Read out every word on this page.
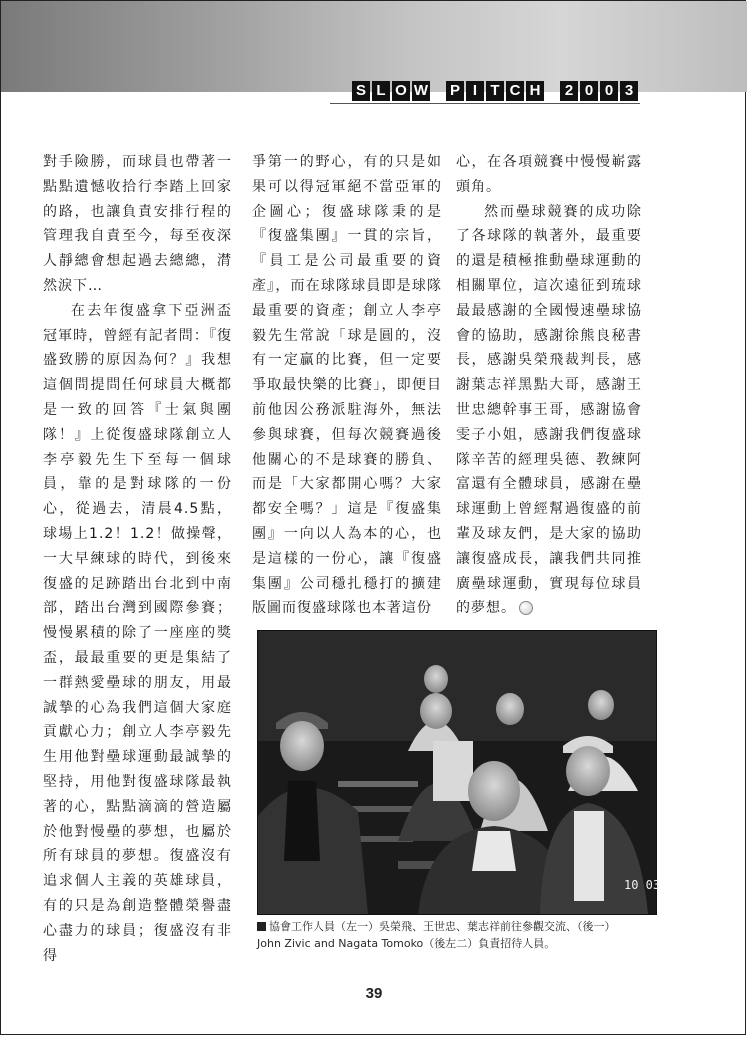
S L O W P I T C H	2 0 0 3

對手險勝，而球員也帶著一點點遺憾收拾行李踏上回家的路，也讓負責安排行程的管理我自責至今，每至夜深人靜總會想起過去總總，潸然淚下…

在去年復盛拿下亞洲盃冠軍時，曾經有記者問：『復盛致勝的原因為何？』我想這個問提問任何球員大概都是一致的回答『士氣與團隊！』上從復盛球隊創立人李亭毅先生下至每一個球員，靠的是對球隊的一份心，從過去，清晨4.5點，球場上1.2！1.2！做操聲，一大早練球的時代，到後來復盛的足跡踏出台北到中南部，踏出台灣到國際參賽；慢慢累積的除了一座座的獎盃，最最重要的更是集結了一群熱愛壘球的朋友，用最誠摯的心為我們這個大家庭貢獻心力；創立人李亭毅先生用他對壘球運動最誠摯的堅持，用他對復盛球隊最執著的心，點點滴滴的營造屬於他對慢壘的夢想，也屬於所有球員的夢想。復盛沒有追求個人主義的英雄球員，有的只是為創造整體榮譽盡心盡力的球員；復盛沒有非得

爭第一的野心，有的只是如果可以得冠軍絕不當亞軍的企圖心；復盛球隊秉的是『復盛集團』一貫的宗旨，『員工是公司最重要的資產』，而在球隊球員即是球隊最重要的資產；創立人李亭毅先生常說「球是圓的，沒有一定贏的比賽，但一定要爭取最快樂的比賽」，即便目前他因公務派駐海外，無法參與球賽，但每次競賽過後他關心的不是球賽的勝負、而是「大家都開心嗎？大家都安全嗎？」這是『復盛集團』一向以人為本的心，也是這樣的一份心，讓『復盛集團』公司穩扎穩打的擴建版圖而復盛球隊也本著這份

心，在各項競賽中慢慢嶄露頭角。

然而壘球競賽的成功除了各球隊的執著外，最重要的還是積極推動壘球運動的相關單位，這次遠征到琉球最最感謝的全國慢速壘球協會的協助，感謝徐熊良秘書長，感謝吳榮飛裁判長，感謝葉志祥黑點大哥，感謝王世忠總幹事王哥，感謝協會雯子小姐，感謝我們復盛球隊辛苦的經理吳德、教練阿富還有全體球員，感謝在壘球運動上曾經幫過復盛的前輩及球友們，是大家的協助讓復盛成長，讓我們共同推廣壘球運動，實現每位球員的夢想。

10 03
協會工作人員（左一）吳榮飛、王世忠、葉志祥前往參觀交流、（後一）
John Zivic and Nagata Tomoko（後左二）負責招待人員。
39
